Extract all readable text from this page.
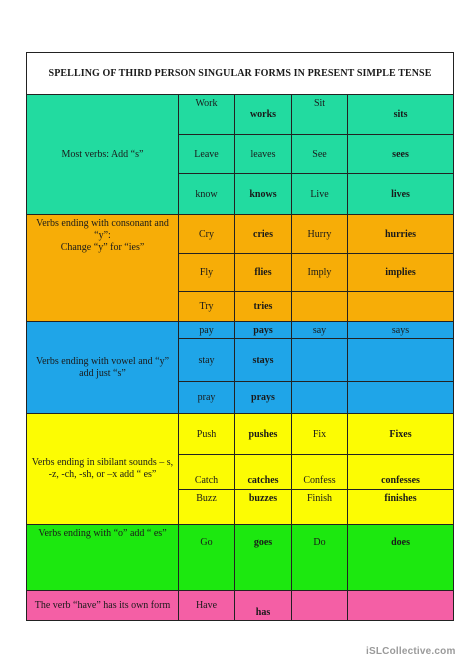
SPELLING OF THIRD PERSON SINGULAR FORMS IN PRESENT SIMPLE TENSE				
Most verbs: Add “s”	Work	works	Sit	sits
	Leave	leaves	See	sees
	know	knows	Live	lives
Verbs ending with consonant and “y”:
Change “y” for “ies”	Cry	cries	Hurry	hurries
	Fly	flies	Imply	implies
	Try	tries		
Verbs ending with vowel and “y” add just “s”	pay	pays	say	says
	stay	stays		
	pray	prays		
Verbs ending in sibilant sounds – s, -z, -ch, -sh, or –x add “ es”	Push	pushes	Fix	Fixes
	Catch	catches	Confess	confesses
	Buzz	buzzes	Finish	finishes
Verbs ending with “o” add “ es”	Go	goes	Do	does
The verb “have” has its own form	Have	has		
iSLCollective.com
